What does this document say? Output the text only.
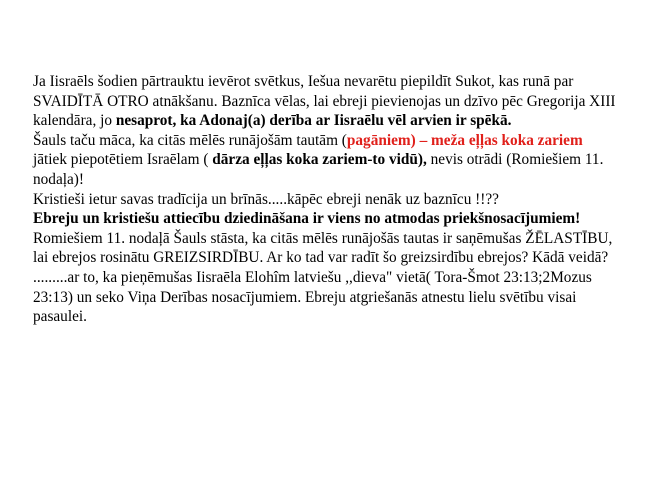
Ja Iisraēls šodien pārtrauktu ievērot svētkus, Iešua nevarētu piepildīt Sukot, kas runā par SVAIDĪTĀ OTRO atnākšanu. Baznīca vēlas, lai ebreji pievienojas un dzīvo pēc Gregorija XIII kalendāra, jo nesaprot, ka Adonaj(a) derība ar Iisraēlu vēl arvien ir spēkā.

Šauls taču māca, ka citās mēlēs runājošām tautām (pagāniem) – meža eļļas koka zariem jātiek piepotētiem Israēlam ( dārza eļļas koka zariem-to vidū), nevis otrādi (Romiešiem 11. nodaļa)!

Kristieši ietur savas tradīcija un brīnās.....kāpēc ebreji nenāk uz baznīcu !!??

Ebreju un kristiešu attiecību dziedināšana ir viens no atmodas priekšnosacījumiem!

Romiešiem 11. nodaļā Šauls stāsta, ka citās mēlēs runājošās tautas ir saņēmušas ŽĒLASTĪBU, lai ebrejos rosinātu GREIZSIRDĪBU. Ar ko tad var radīt šo greizsirdību ebrejos? Kādā veidā? .........ar to, ka pieņēmušas Iisraēla Elohîm latviešu ,,dieva" vietā( Tora-Šmot 23:13;2Mozus 23:13) un seko Viņa Derības nosacījumiem. Ebreju atgriešanās atnestu lielu svētību visai pasaulei.
